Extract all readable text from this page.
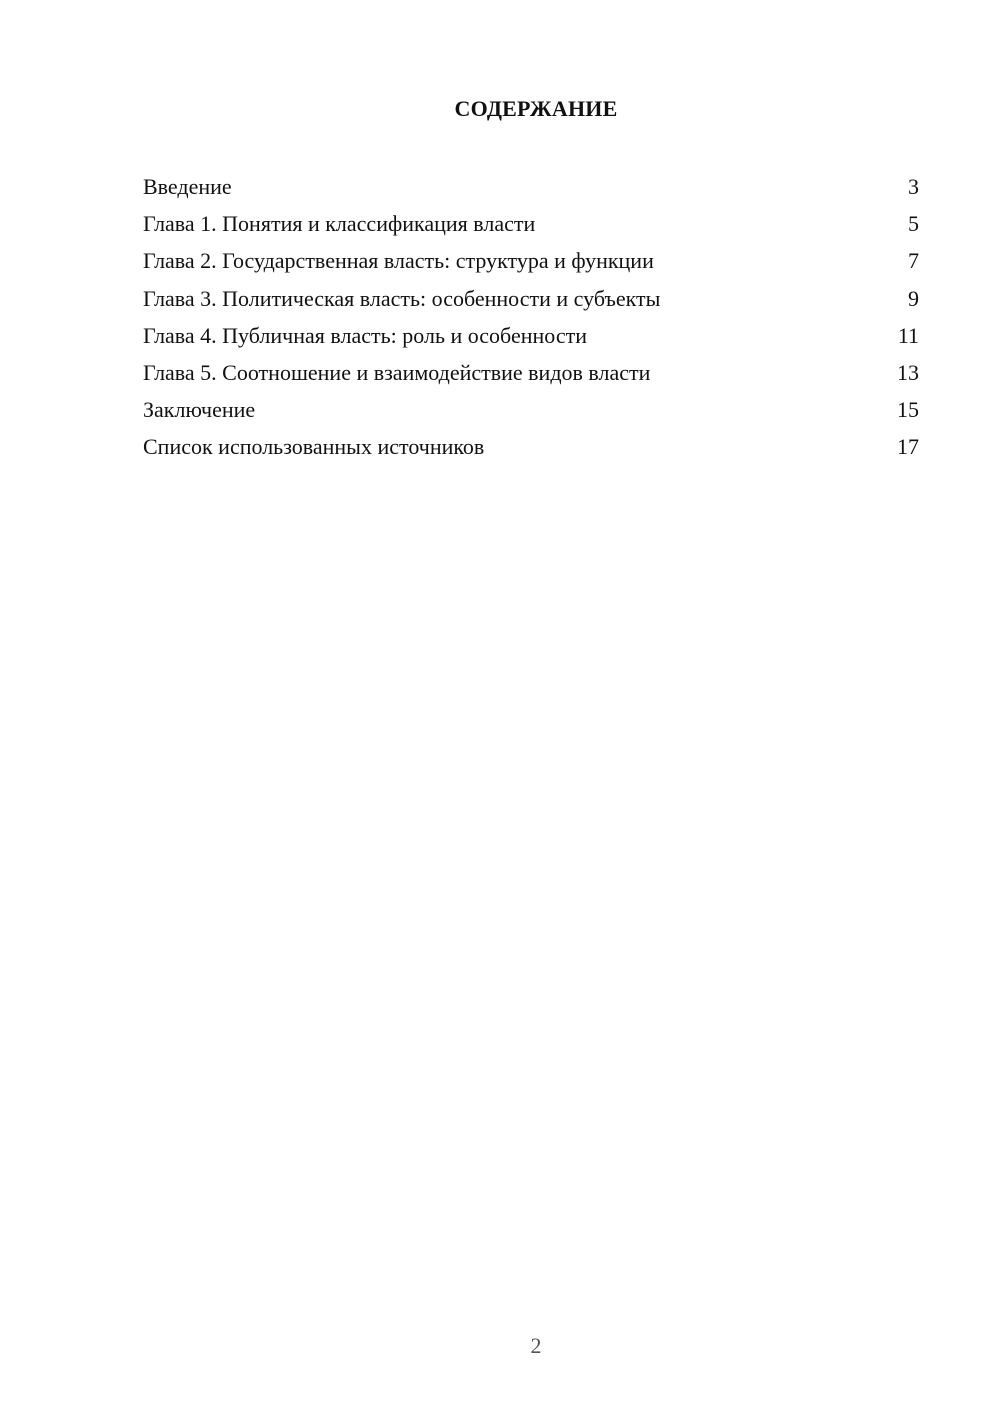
СОДЕРЖАНИЕ
Введение	3
Глава 1. Понятия и классификация власти	5
Глава 2. Государственная власть: структура и функции	7
Глава 3. Политическая власть: особенности и субъекты	9
Глава 4. Публичная власть: роль и особенности	11
Глава 5. Соотношение и взаимодействие видов власти	13
Заключение	15
Список использованных источников	17
2
